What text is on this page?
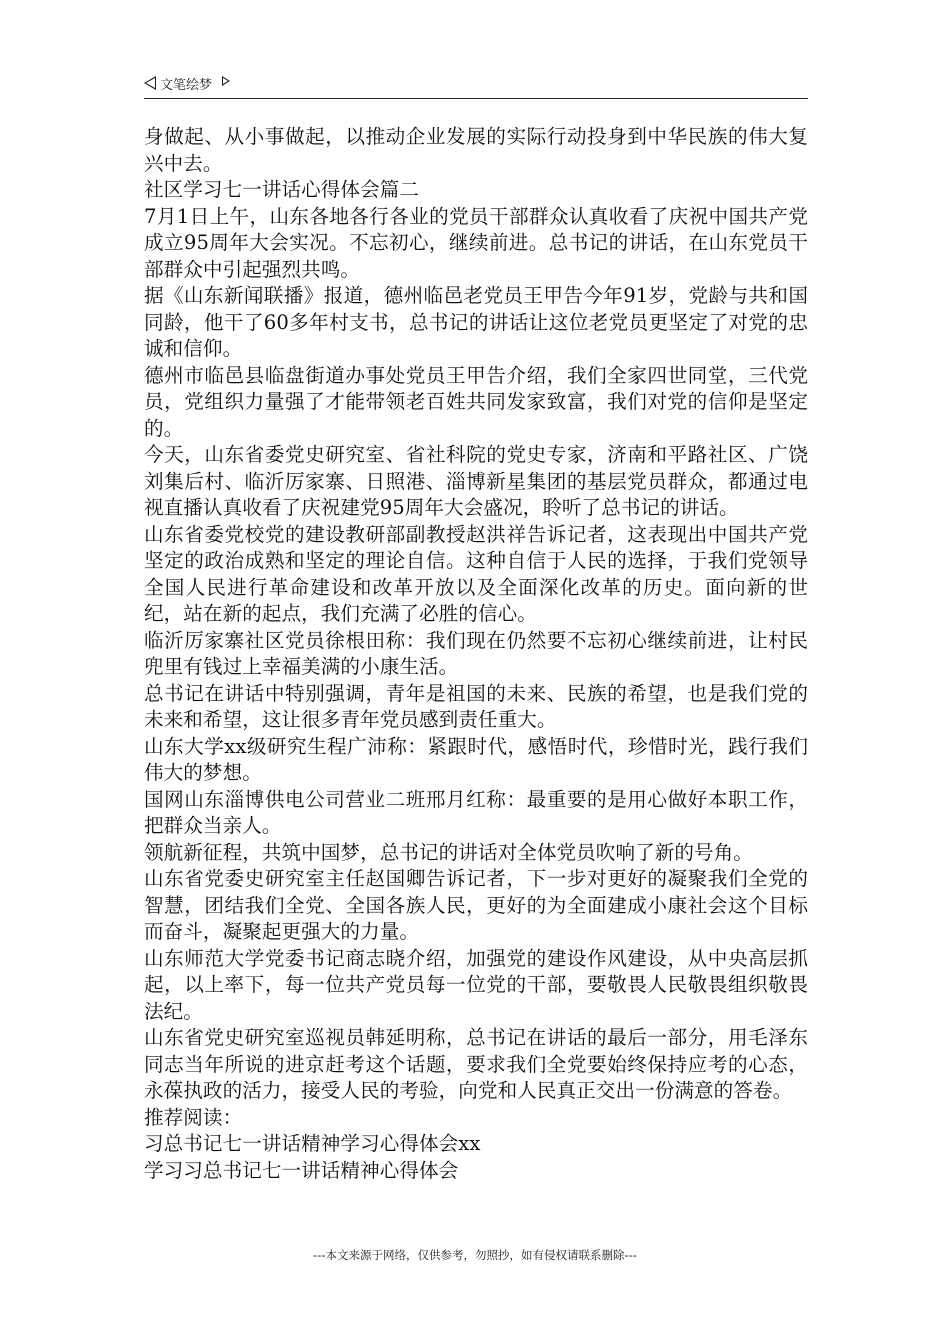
文笔绘梦

身做起、从小事做起，以推动企业发展的实际行动投身到中华民族的伟大复兴中去。

社区学习七一讲话心得体会篇二

7月1日上午，山东各地各行各业的党员干部群众认真收看了庆祝中国共产党成立95周年大会实况。不忘初心，继续前进。总书记的讲话，在山东党员干部群众中引起强烈共鸣。

据《山东新闻联播》报道，德州临邑老党员王甲告今年91岁，党龄与共和国同龄，他干了60多年村支书，总书记的讲话让这位老党员更坚定了对党的忠诚和信仰。

德州市临邑县临盘街道办事处党员王甲告介绍，我们全家四世同堂，三代党员，党组织力量强了才能带领老百姓共同发家致富，我们对党的信仰是坚定的。

今天，山东省委党史研究室、省社科院的党史专家，济南和平路社区、广饶刘集后村、临沂厉家寨、日照港、淄博新星集团的基层党员群众，都通过电视直播认真收看了庆祝建党95周年大会盛况，聆听了总书记的讲话。

山东省委党校党的建设教研部副教授赵洪祥告诉记者，这表现出中国共产党坚定的政治成熟和坚定的理论自信。这种自信于人民的选择，于我们党领导全国人民进行革命建设和改革开放以及全面深化改革的历史。面向新的世纪，站在新的起点，我们充满了必胜的信心。

临沂厉家寨社区党员徐根田称：我们现在仍然要不忘初心继续前进，让村民兜里有钱过上幸福美满的小康生活。

总书记在讲话中特别强调，青年是祖国的未来、民族的希望，也是我们党的未来和希望，这让很多青年党员感到责任重大。

山东大学xx级研究生程广沛称：紧跟时代，感悟时代，珍惜时光，践行我们伟大的梦想。

国网山东淄博供电公司营业二班邢月红称：最重要的是用心做好本职工作，把群众当亲人。

领航新征程，共筑中国梦，总书记的讲话对全体党员吹响了新的号角。

山东省党委史研究室主任赵国卿告诉记者，下一步对更好的凝聚我们全党的智慧，团结我们全党、全国各族人民，更好的为全面建成小康社会这个目标而奋斗，凝聚起更强大的力量。

山东师范大学党委书记商志晓介绍，加强党的建设作风建设，从中央高层抓起，以上率下，每一位共产党员每一位党的干部，要敬畏人民敬畏组织敬畏法纪。

山东省党史研究室巡视员韩延明称，总书记在讲话的最后一部分，用毛泽东同志当年所说的进京赶考这个话题，要求我们全党要始终保持应考的心态，永葆执政的活力，接受人民的考验，向党和人民真正交出一份满意的答卷。

推荐阅读：

习总书记七一讲话精神学习心得体会xx

学习习总书记七一讲话精神心得体会

---本文来源于网络，仅供参考，勿照抄，如有侵权请联系删除---
